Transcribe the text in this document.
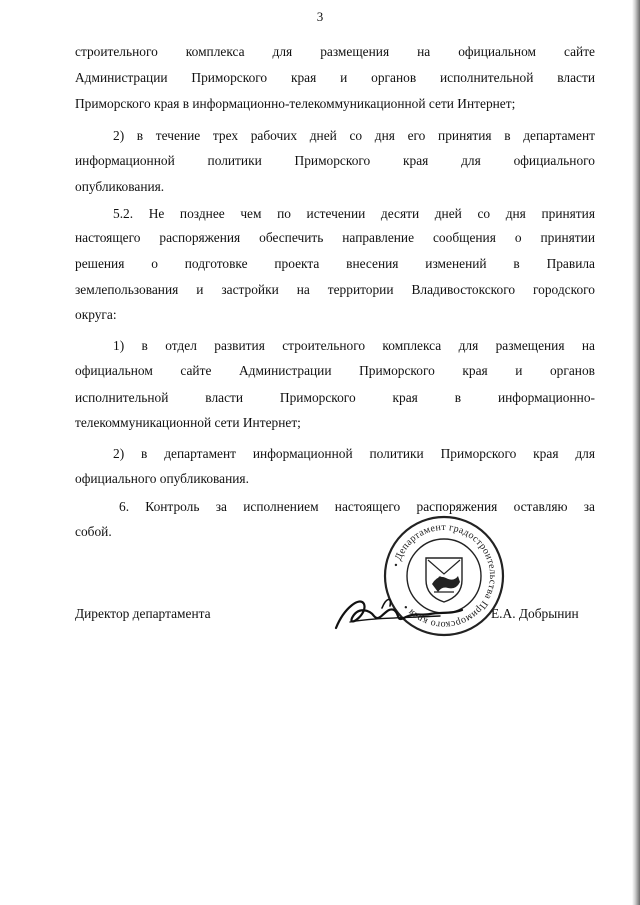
3
строительного комплекса для размещения на официальном сайте
Администрации Приморского края и органов исполнительной власти
Приморского края в информационно-телекоммуникационной сети Интернет;
2) в течение трех рабочих дней со дня его принятия в департамент
информационной политики Приморского края для официального
опубликования.
5.2. Не позднее чем по истечении десяти дней со дня принятия
настоящего распоряжения обеспечить направление сообщения о принятии
решения о подготовке проекта внесения изменений в Правила
землепользования и застройки на территории Владивостокского городского
округа:
1) в отдел развития строительного комплекса для размещения на
официальном сайте Администрации Приморского края и органов
исполнительной власти Приморского края в информационно-
телекоммуникационной сети Интернет;
2) в департамент информационной политики Приморского края для
официального опубликования.
6. Контроль за исполнением настоящего распоряжения оставляю за
собой.
Директор департамента	Е.А. Добрынин
• Департамент градостроительства Приморского края •
